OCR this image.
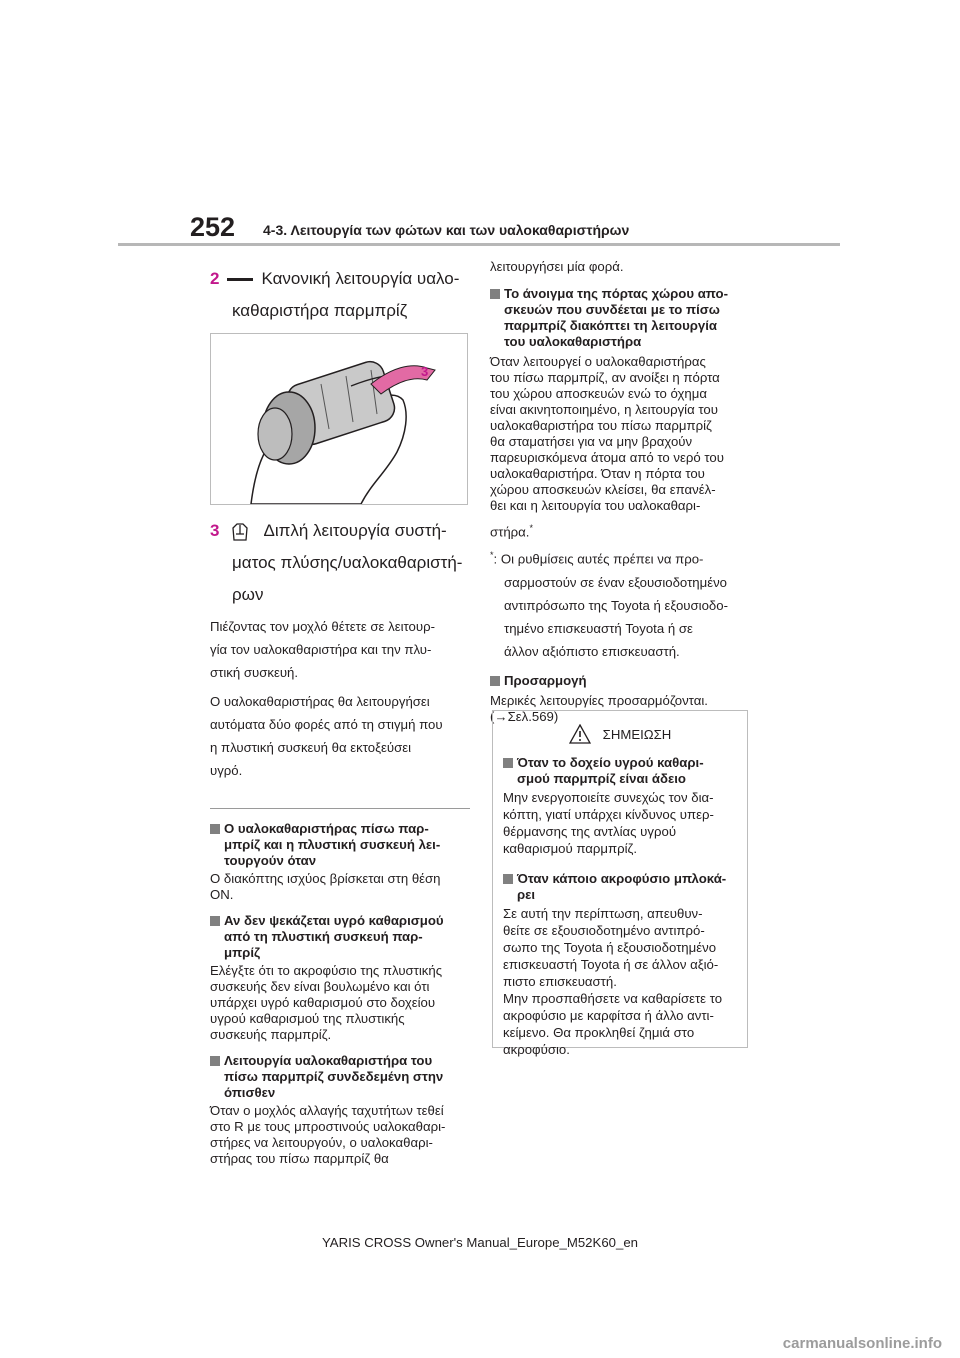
252 4-3. Λειτουργία των φώτων και των υαλοκαθαριστήρων
2 Κανονική λειτουργία υαλο-
καθαριστήρα παρμπρίζ
3
3	Διπλή λειτουργία συστή-
ματος πλύσης/υαλοκαθαριστή-
ρων
Πιέζοντας τον μοχλό θέτετε σε λειτουρ-
γία τον υαλοκαθαριστήρα και την πλυ-
στική συσκευή.
Ο υαλοκαθαριστήρας θα λειτουργήσει
αυτόματα δύο φορές από τη στιγμή που
η πλυστική συσκευή θα εκτοξεύσει
υγρό.
Ο υαλοκαθαριστήρας πίσω παρ-
μπρίζ και η πλυστική συσκευή λει-
τουργούν όταν
Ο διακόπτης ισχύος βρίσκεται στη θέση
ON.
Αν δεν ψεκάζεται υγρό καθαρισμού
από τη πλυστική συσκευή παρ-
μπρίζ
Ελέγξτε ότι το ακροφύσιο της πλυστικής
συσκευής δεν είναι βουλωμένο και ότι
υπάρχει υγρό καθαρισμού στο δοχείου
υγρού καθαρισμού της πλυστικής
συσκευής παρμπρίζ.
Λειτουργία υαλοκαθαριστήρα του
πίσω παρμπρίζ συνδεδεμένη στην
όπισθεν
Όταν ο μοχλός αλλαγής ταχυτήτων τεθεί
στο R με τους μπροστινούς υαλοκαθαρι-
στήρες να λειτουργούν, ο υαλοκαθαρι-
στήρας του πίσω παρμπρίζ θα
λειτουργήσει μία φορά.
Το άνοιγμα της πόρτας χώρου απο-
σκευών που συνδέεται με το πίσω
παρμπρίζ διακόπτει τη λειτουργία
του υαλοκαθαριστήρα
Όταν λειτουργεί ο υαλοκαθαριστήρας
του πίσω παρμπρίζ, αν ανοίξει η πόρτα
του χώρου αποσκευών ενώ το όχημα
είναι ακινητοποιημένο, η λειτουργία του
υαλοκαθαριστήρα του πίσω παρμπρίζ
θα σταματήσει για να μην βραχούν
παρευρισκόμενα άτομα από το νερό του
υαλοκαθαριστήρα. Όταν η πόρτα του
χώρου αποσκευών κλείσει, θα επανέλ-
θει και η λειτουργία του υαλοκαθαρι-
στήρα.*
*: Οι ρυθμίσεις αυτές πρέπει να προ-
σαρμοστούν σε έναν εξουσιοδοτημένο
αντιπρόσωπο της Toyota ή εξουσιοδο-
τημένο επισκευαστή Toyota ή σε
άλλον αξιόπιστο επισκευαστή.
Προσαρμογή
Μερικές λειτουργίες προσαρμόζονται.
(→Σελ.569)
ΣΗΜΕΙΩΣΗ
Όταν το δοχείο υγρού καθαρι-
σμού παρμπρίζ είναι άδειο
Μην ενεργοποιείτε συνεχώς τον δια-
κόπτη, γιατί υπάρχει κίνδυνος υπερ-
θέρμανσης της αντλίας υγρού
καθαρισμού παρμπρίζ.
Όταν κάποιο ακροφύσιο μπλοκά-
ρει
Σε αυτή την περίπτωση, απευθυν-
θείτε σε εξουσιοδοτημένο αντιπρό-
σωπο της Toyota ή εξουσιοδοτημένο
επισκευαστή Toyota ή σε άλλον αξιό-
πιστο επισκευαστή.
Μην προσπαθήσετε να καθαρίσετε το
ακροφύσιο με καρφίτσα ή άλλο αντι-
κείμενο. Θα προκληθεί ζημιά στο
ακροφύσιο.
YARIS CROSS Owner's Manual_Europe_M52K60_en
carmanualsonline.info
